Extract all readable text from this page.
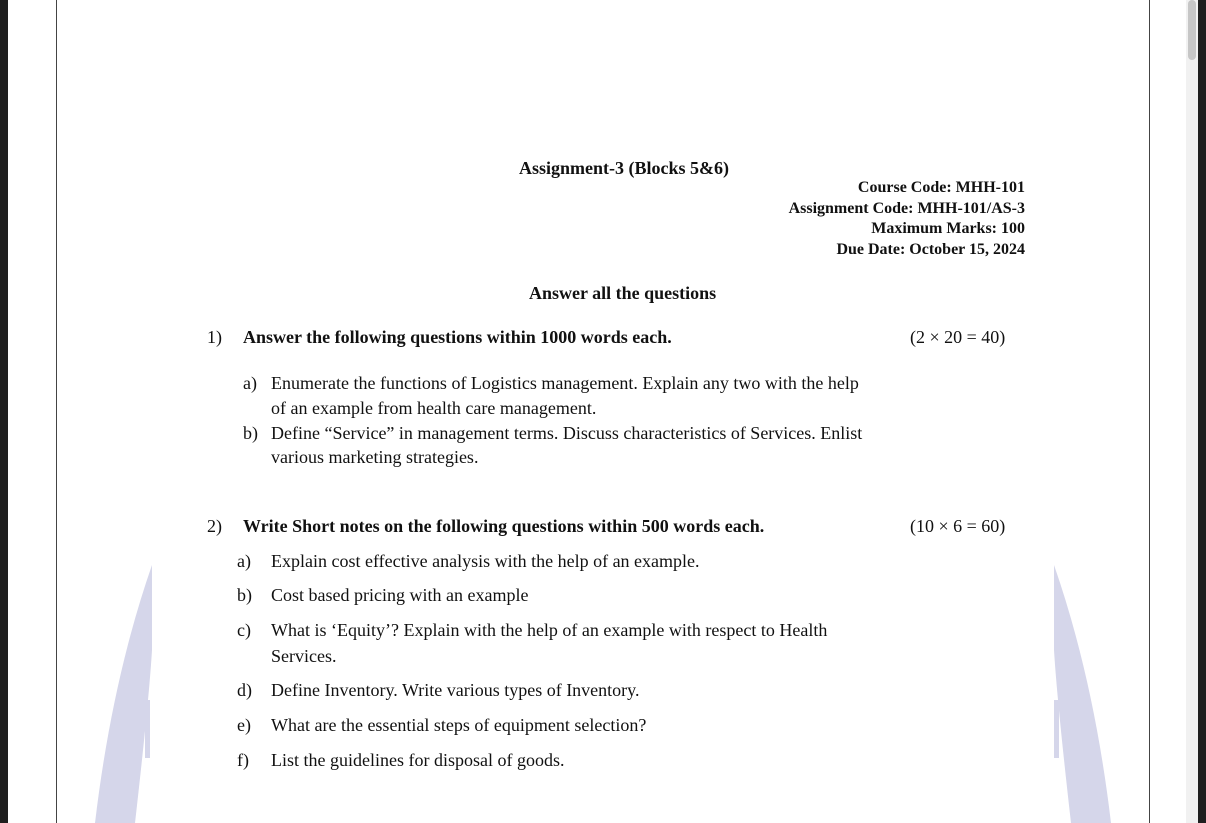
Assignment-3 (Blocks 5&6)
Course Code: MHH-101
Assignment Code: MHH-101/AS-3
Maximum Marks: 100
Due Date: October 15, 2024
Answer all the questions
1) Answer the following questions within 1000 words each.	(2 × 20 = 40)
a) Enumerate the functions of Logistics management. Explain any two with the help
of an example from health care management.
b) Define “Service” in management terms. Discuss characteristics of Services. Enlist
various marketing strategies.
2) Write Short notes on the following questions within 500 words each.	(10 × 6 = 60)
a) Explain cost effective analysis with the help of an example.
b) Cost based pricing with an example
c) What is ‘Equity’? Explain with the help of an example with respect to Health
Services.
d) Define Inventory. Write various types of Inventory.
e) What are the essential steps of equipment selection?
f) List the guidelines for disposal of goods.
